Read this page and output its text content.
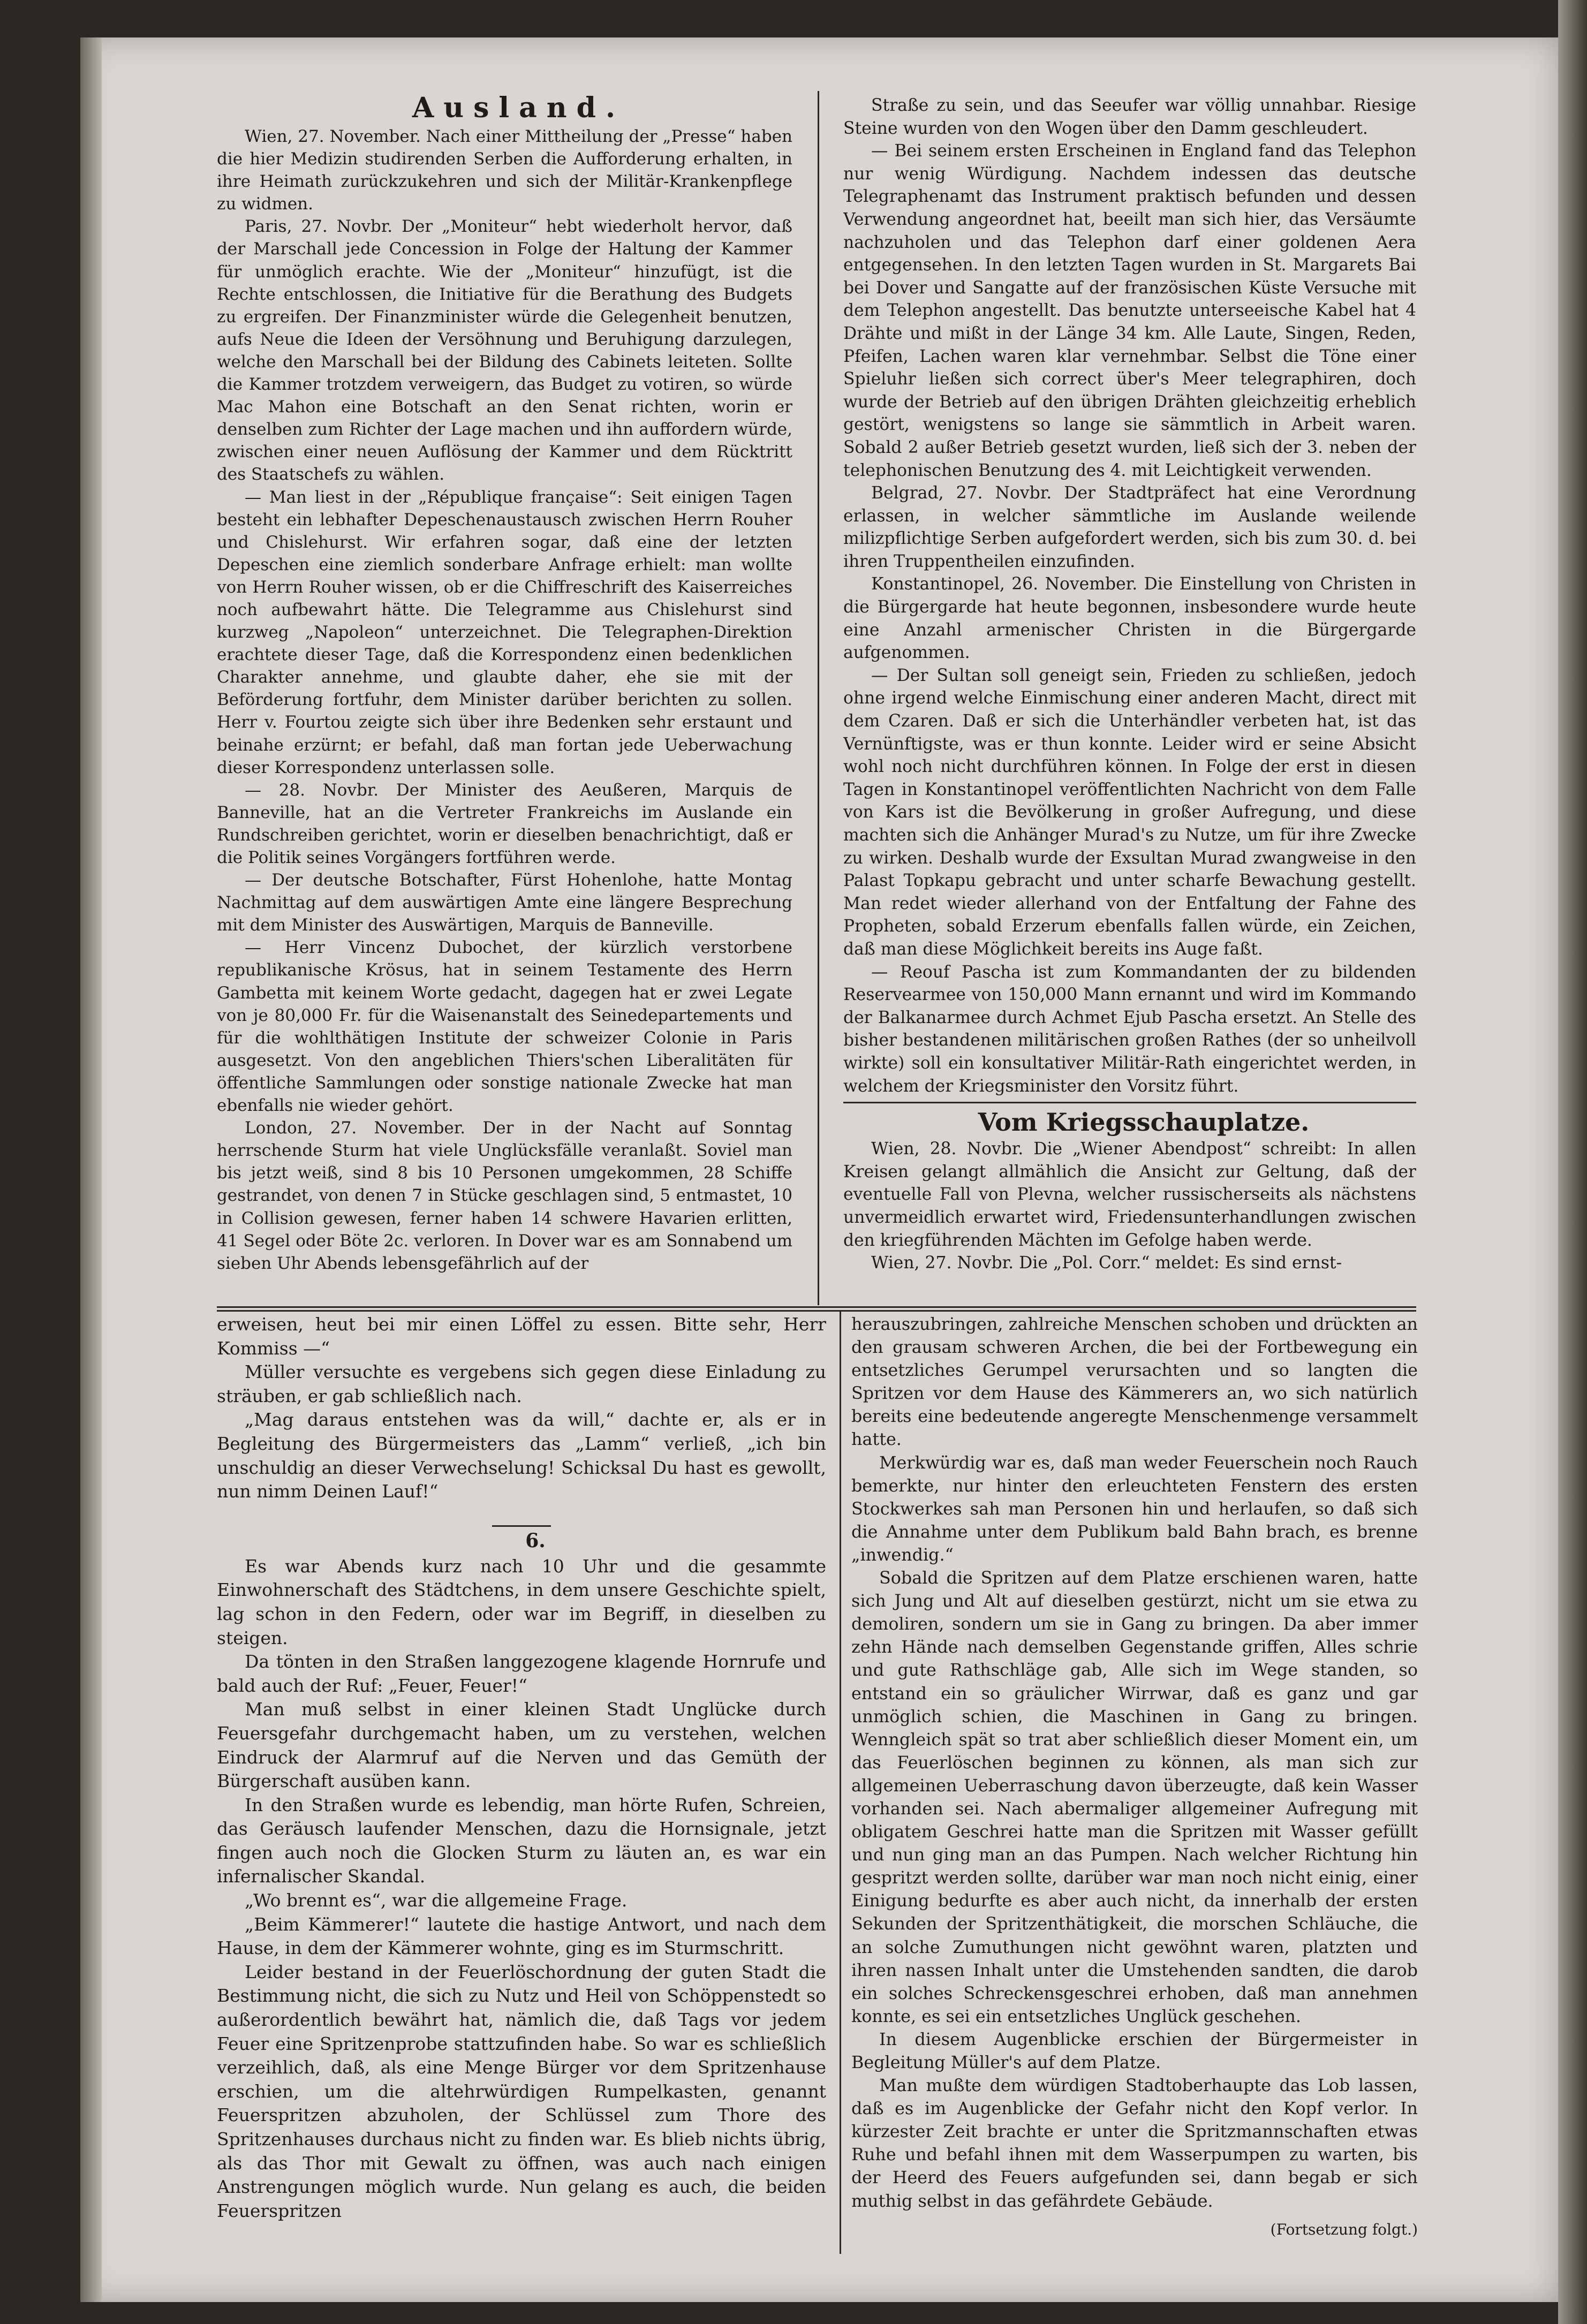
Ausland.

Wien, 27. November. Nach einer Mittheilung der „Presse“ haben die hier Medizin studirenden Serben die Aufforderung erhalten, in ihre Heimath zurückzukehren und sich der Militär-Krankenpflege zu widmen.

Paris, 27. Novbr. Der „Moniteur“ hebt wiederholt hervor, daß der Marschall jede Concession in Folge der Haltung der Kammer für unmöglich erachte. Wie der „Moniteur“ hinzufügt, ist die Rechte entschlossen, die Initiative für die Berathung des Budgets zu ergreifen. Der Finanzminister würde die Gelegenheit benutzen, aufs Neue die Ideen der Versöhnung und Beruhigung darzulegen, welche den Marschall bei der Bildung des Cabinets leiteten. Sollte die Kammer trotzdem verweigern, das Budget zu votiren, so würde Mac Mahon eine Botschaft an den Senat richten, worin er denselben zum Richter der Lage machen und ihn auffordern würde, zwischen einer neuen Auflösung der Kammer und dem Rücktritt des Staatschefs zu wählen.

— Man liest in der „République française“: Seit einigen Tagen besteht ein lebhafter Depeschenaustausch zwischen Herrn Rouher und Chislehurst. Wir erfahren sogar, daß eine der letzten Depeschen eine ziemlich sonderbare Anfrage erhielt: man wollte von Herrn Rouher wissen, ob er die Chiffreschrift des Kaiserreiches noch aufbewahrt hätte. Die Telegramme aus Chislehurst sind kurzweg „Napoleon“ unterzeichnet. Die Telegraphen-Direktion erachtete dieser Tage, daß die Korrespondenz einen bedenklichen Charakter annehme, und glaubte daher, ehe sie mit der Beförderung fortfuhr, dem Minister darüber berichten zu sollen. Herr v. Fourtou zeigte sich über ihre Bedenken sehr erstaunt und beinahe erzürnt; er befahl, daß man fortan jede Ueberwachung dieser Korrespondenz unterlassen solle.

— 28. Novbr. Der Minister des Aeußeren, Marquis de Banneville, hat an die Vertreter Frankreichs im Auslande ein Rundschreiben gerichtet, worin er dieselben benachrichtigt, daß er die Politik seines Vorgängers fortführen werde.

— Der deutsche Botschafter, Fürst Hohenlohe, hatte Montag Nachmittag auf dem auswärtigen Amte eine längere Besprechung mit dem Minister des Auswärtigen, Marquis de Banneville.

— Herr Vincenz Dubochet, der kürzlich verstorbene republikanische Krösus, hat in seinem Testamente des Herrn Gambetta mit keinem Worte gedacht, dagegen hat er zwei Legate von je 80,000 Fr. für die Waisenanstalt des Seinedepartements und für die wohlthätigen Institute der schweizer Colonie in Paris ausgesetzt. Von den angeblichen Thiers'schen Liberalitäten für öffentliche Sammlungen oder sonstige nationale Zwecke hat man ebenfalls nie wieder gehört.

London, 27. November. Der in der Nacht auf Sonntag herrschende Sturm hat viele Unglücksfälle veranlaßt. Soviel man bis jetzt weiß, sind 8 bis 10 Personen umgekommen, 28 Schiffe gestrandet, von denen 7 in Stücke geschlagen sind, 5 entmastet, 10 in Collision gewesen, ferner haben 14 schwere Havarien erlitten, 41 Segel oder Böte 2c. verloren. In Dover war es am Sonnabend um sieben Uhr Abends lebensgefährlich auf der

Straße zu sein, und das Seeufer war völlig unnahbar. Riesige Steine wurden von den Wogen über den Damm geschleudert.

— Bei seinem ersten Erscheinen in England fand das Telephon nur wenig Würdigung. Nachdem indessen das deutsche Telegraphenamt das Instrument praktisch befunden und dessen Verwendung angeordnet hat, beeilt man sich hier, das Versäumte nachzuholen und das Telephon darf einer goldenen Aera entgegensehen. In den letzten Tagen wurden in St. Margarets Bai bei Dover und Sangatte auf der französischen Küste Versuche mit dem Telephon angestellt. Das benutzte unterseeische Kabel hat 4 Drähte und mißt in der Länge 34 km. Alle Laute, Singen, Reden, Pfeifen, Lachen waren klar vernehmbar. Selbst die Töne einer Spieluhr ließen sich correct über's Meer telegraphiren, doch wurde der Betrieb auf den übrigen Drähten gleichzeitig erheblich gestört, wenigstens so lange sie sämmtlich in Arbeit waren. Sobald 2 außer Betrieb gesetzt wurden, ließ sich der 3. neben der telephonischen Benutzung des 4. mit Leichtigkeit verwenden.

Belgrad, 27. Novbr. Der Stadtpräfect hat eine Verordnung erlassen, in welcher sämmtliche im Auslande weilende milizpflichtige Serben aufgefordert werden, sich bis zum 30. d. bei ihren Truppentheilen einzufinden.

Konstantinopel, 26. November. Die Einstellung von Christen in die Bürgergarde hat heute begonnen, insbesondere wurde heute eine Anzahl armenischer Christen in die Bürgergarde aufgenommen.

— Der Sultan soll geneigt sein, Frieden zu schließen, jedoch ohne irgend welche Einmischung einer anderen Macht, direct mit dem Czaren. Daß er sich die Unterhändler verbeten hat, ist das Vernünftigste, was er thun konnte. Leider wird er seine Absicht wohl noch nicht durchführen können. In Folge der erst in diesen Tagen in Konstantinopel veröffentlichten Nachricht von dem Falle von Kars ist die Bevölkerung in großer Aufregung, und diese machten sich die Anhänger Murad's zu Nutze, um für ihre Zwecke zu wirken. Deshalb wurde der Exsultan Murad zwangweise in den Palast Topkapu gebracht und unter scharfe Bewachung gestellt. Man redet wieder allerhand von der Entfaltung der Fahne des Propheten, sobald Erzerum ebenfalls fallen würde, ein Zeichen, daß man diese Möglichkeit bereits ins Auge faßt.

— Reouf Pascha ist zum Kommandanten der zu bildenden Reservearmee von 150,000 Mann ernannt und wird im Kommando der Balkanarmee durch Achmet Ejub Pascha ersetzt. An Stelle des bisher bestandenen militärischen großen Rathes (der so unheilvoll wirkte) soll ein konsultativer Militär-Rath eingerichtet werden, in welchem der Kriegsminister den Vorsitz führt.

Vom Kriegsschauplatze.

Wien, 28. Novbr. Die „Wiener Abendpost“ schreibt: In allen Kreisen gelangt allmählich die Ansicht zur Geltung, daß der eventuelle Fall von Plevna, welcher russischerseits als nächstens unvermeidlich erwartet wird, Friedensunterhandlungen zwischen den kriegführenden Mächten im Gefolge haben werde.

Wien, 27. Novbr. Die „Pol. Corr.“ meldet: Es sind ernst-

erweisen, heut bei mir einen Löffel zu essen. Bitte sehr, Herr Kommiss —“

Müller versuchte es vergebens sich gegen diese Einladung zu sträuben, er gab schließlich nach.

„Mag daraus entstehen was da will,“ dachte er, als er in Begleitung des Bürgermeisters das „Lamm“ verließ, „ich bin unschuldig an dieser Verwechselung! Schicksal Du hast es gewollt, nun nimm Deinen Lauf!“

6.

Es war Abends kurz nach 10 Uhr und die gesammte Einwohnerschaft des Städtchens, in dem unsere Geschichte spielt, lag schon in den Federn, oder war im Begriff, in dieselben zu steigen.

Da tönten in den Straßen langgezogene klagende Hornrufe und bald auch der Ruf: „Feuer, Feuer!“

Man muß selbst in einer kleinen Stadt Unglücke durch Feuersgefahr durchgemacht haben, um zu verstehen, welchen Eindruck der Alarmruf auf die Nerven und das Gemüth der Bürgerschaft ausüben kann.

In den Straßen wurde es lebendig, man hörte Rufen, Schreien, das Geräusch laufender Menschen, dazu die Hornsignale, jetzt fingen auch noch die Glocken Sturm zu läuten an, es war ein infernalischer Skandal.

„Wo brennt es“, war die allgemeine Frage.

„Beim Kämmerer!“ lautete die hastige Antwort, und nach dem Hause, in dem der Kämmerer wohnte, ging es im Sturmschritt.

Leider bestand in der Feuerlöschordnung der guten Stadt die Bestimmung nicht, die sich zu Nutz und Heil von Schöppenstedt so außerordentlich bewährt hat, nämlich die, daß Tags vor jedem Feuer eine Spritzenprobe stattzufinden habe. So war es schließlich verzeihlich, daß, als eine Menge Bürger vor dem Spritzenhause erschien, um die altehrwürdigen Rumpelkasten, genannt Feuerspritzen abzuholen, der Schlüssel zum Thore des Spritzenhauses durchaus nicht zu finden war. Es blieb nichts übrig, als das Thor mit Gewalt zu öffnen, was auch nach einigen Anstrengungen möglich wurde. Nun gelang es auch, die beiden Feuerspritzen

herauszubringen, zahlreiche Menschen schoben und drückten an den grausam schweren Archen, die bei der Fortbewegung ein entsetzliches Gerumpel verursachten und so langten die Spritzen vor dem Hause des Kämmerers an, wo sich natürlich bereits eine bedeutende angeregte Menschenmenge versammelt hatte.

Merkwürdig war es, daß man weder Feuerschein noch Rauch bemerkte, nur hinter den erleuchteten Fenstern des ersten Stockwerkes sah man Personen hin und herlaufen, so daß sich die Annahme unter dem Publikum bald Bahn brach, es brenne „inwendig.“

Sobald die Spritzen auf dem Platze erschienen waren, hatte sich Jung und Alt auf dieselben gestürzt, nicht um sie etwa zu demoliren, sondern um sie in Gang zu bringen. Da aber immer zehn Hände nach demselben Gegenstande griffen, Alles schrie und gute Rathschläge gab, Alle sich im Wege standen, so entstand ein so gräulicher Wirrwar, daß es ganz und gar unmöglich schien, die Maschinen in Gang zu bringen. Wenngleich spät so trat aber schließlich dieser Moment ein, um das Feuerlöschen beginnen zu können, als man sich zur allgemeinen Ueberraschung davon überzeugte, daß kein Wasser vorhanden sei. Nach abermaliger allgemeiner Aufregung mit obligatem Geschrei hatte man die Spritzen mit Wasser gefüllt und nun ging man an das Pumpen. Nach welcher Richtung hin gespritzt werden sollte, darüber war man noch nicht einig, einer Einigung bedurfte es aber auch nicht, da innerhalb der ersten Sekunden der Spritzenthätigkeit, die morschen Schläuche, die an solche Zumuthungen nicht gewöhnt waren, platzten und ihren nassen Inhalt unter die Umstehenden sandten, die darob ein solches Schreckensgeschrei erhoben, daß man annehmen konnte, es sei ein entsetzliches Unglück geschehen.

In diesem Augenblicke erschien der Bürgermeister in Begleitung Müller's auf dem Platze.

Man mußte dem würdigen Stadtoberhaupte das Lob lassen, daß es im Augenblicke der Gefahr nicht den Kopf verlor. In kürzester Zeit brachte er unter die Spritzmannschaften etwas Ruhe und befahl ihnen mit dem Wasserpumpen zu warten, bis der Heerd des Feuers aufgefunden sei, dann begab er sich muthig selbst in das gefährdete Gebäude.

(Fortsetzung folgt.)
